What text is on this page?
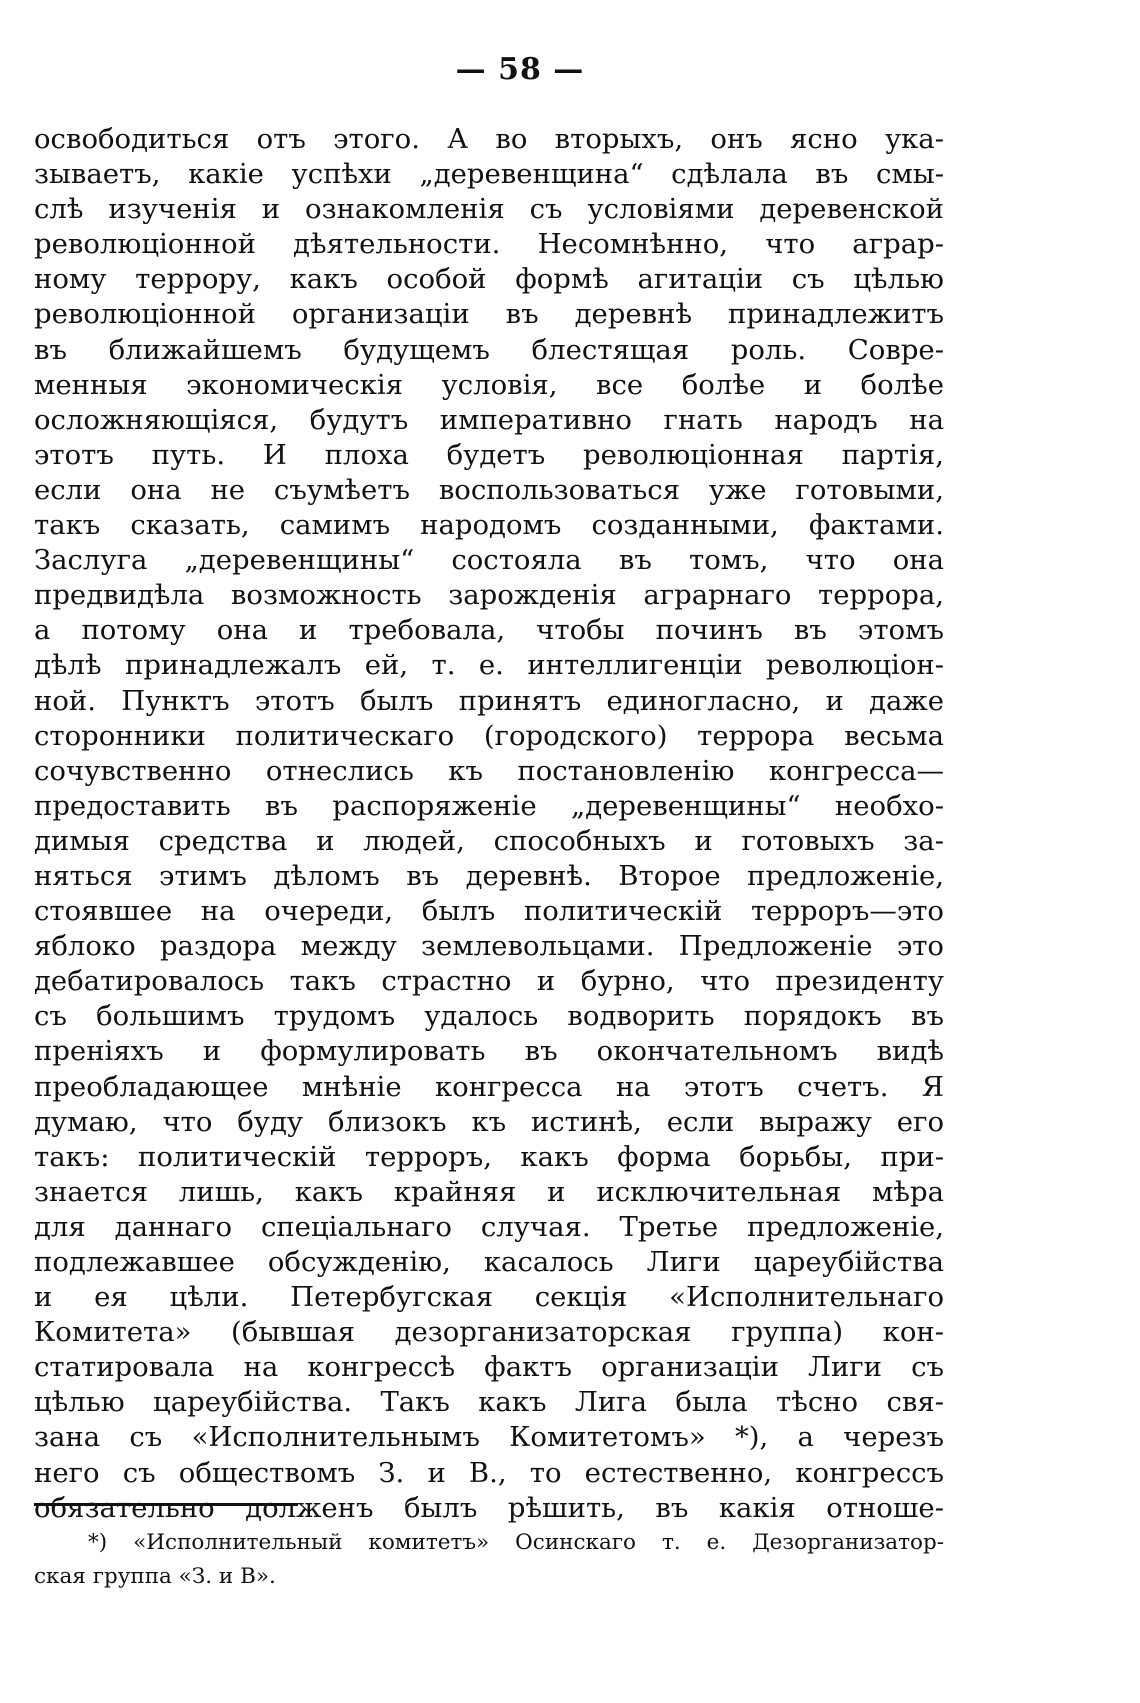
— 58 —
освободиться отъ этого. А во вторыхъ, онъ ясно ука-
зываетъ, какiе успѣхи „деревенщина“ сдѣлала въ смы-
слѣ изученiя и ознакомленiя съ условiями деревенской
революцiонной дѣятельности. Несомнѣнно, что аграр-
ному террору, какъ особой формѣ агитацiи съ цѣлью
революцiонной организацiи въ деревнѣ принадлежитъ
въ ближайшемъ будущемъ блестящая роль. Совре-
менныя экономическiя условiя, все болѣе и болѣе
осложняющiяся, будутъ императивно гнать народъ на
этотъ путь. И плоха будетъ революцiонная партiя,
если она не съумѣетъ воспользоваться уже готовыми,
такъ сказать, самимъ народомъ созданными, фактами.
Заслуга „деревенщины“ состояла въ томъ, что она
предвидѣла возможность зарожденiя аграрнаго террора,
а потому она и требовала, чтобы починъ въ этомъ
дѣлѣ принадлежалъ ей, т. е. интеллигенцiи революцiон-
ной. Пунктъ этотъ былъ принятъ единогласно, и даже
сторонники политическаго (городского) террора весьма
сочувственно отнеслись къ постановленiю конгресса—
предоставить въ распоряженiе „деревенщины“ необхо-
димыя средства и людей, способныхъ и готовыхъ за-
няться этимъ дѣломъ въ деревнѣ. Второе предложенiе,
стоявшее на очереди, былъ политическiй терроръ—это
яблоко раздора между землевольцами. Предложенiе это
дебатировалось такъ страстно и бурно, что президенту
съ большимъ трудомъ удалось водворить порядокъ въ
пренiяхъ и формулировать въ окончательномъ видѣ
преобладающее мнѣнiе конгресса на этотъ счетъ. Я
думаю, что буду близокъ къ истинѣ, если выражу его
такъ: политическiй терроръ, какъ форма борьбы, при-
знается лишь, какъ крайняя и исключительная мѣра
для даннаго спецiальнаго случая. Третье предложенiе,
подлежавшее обсужденiю, касалось Лиги цареубiйства
и ея цѣли. Петербугская секцiя «Исполнительнаго
Комитета» (бывшая дезорганизаторская группа) кон-
статировала на конгрессѣ фактъ организацiи Лиги съ
цѣлью цареубiйства. Такъ какъ Лига была тѣсно свя-
зана съ «Исполнительнымъ Комитетомъ» *), а черезъ
него съ обществомъ З. и В., то естественно, конгрессъ
обязательно долженъ былъ рѣшить, въ какiя отноше-
*) «Исполнительный комитетъ» Осинскаго т. е. Дезорганизатор-
ская группа «З. и В».
